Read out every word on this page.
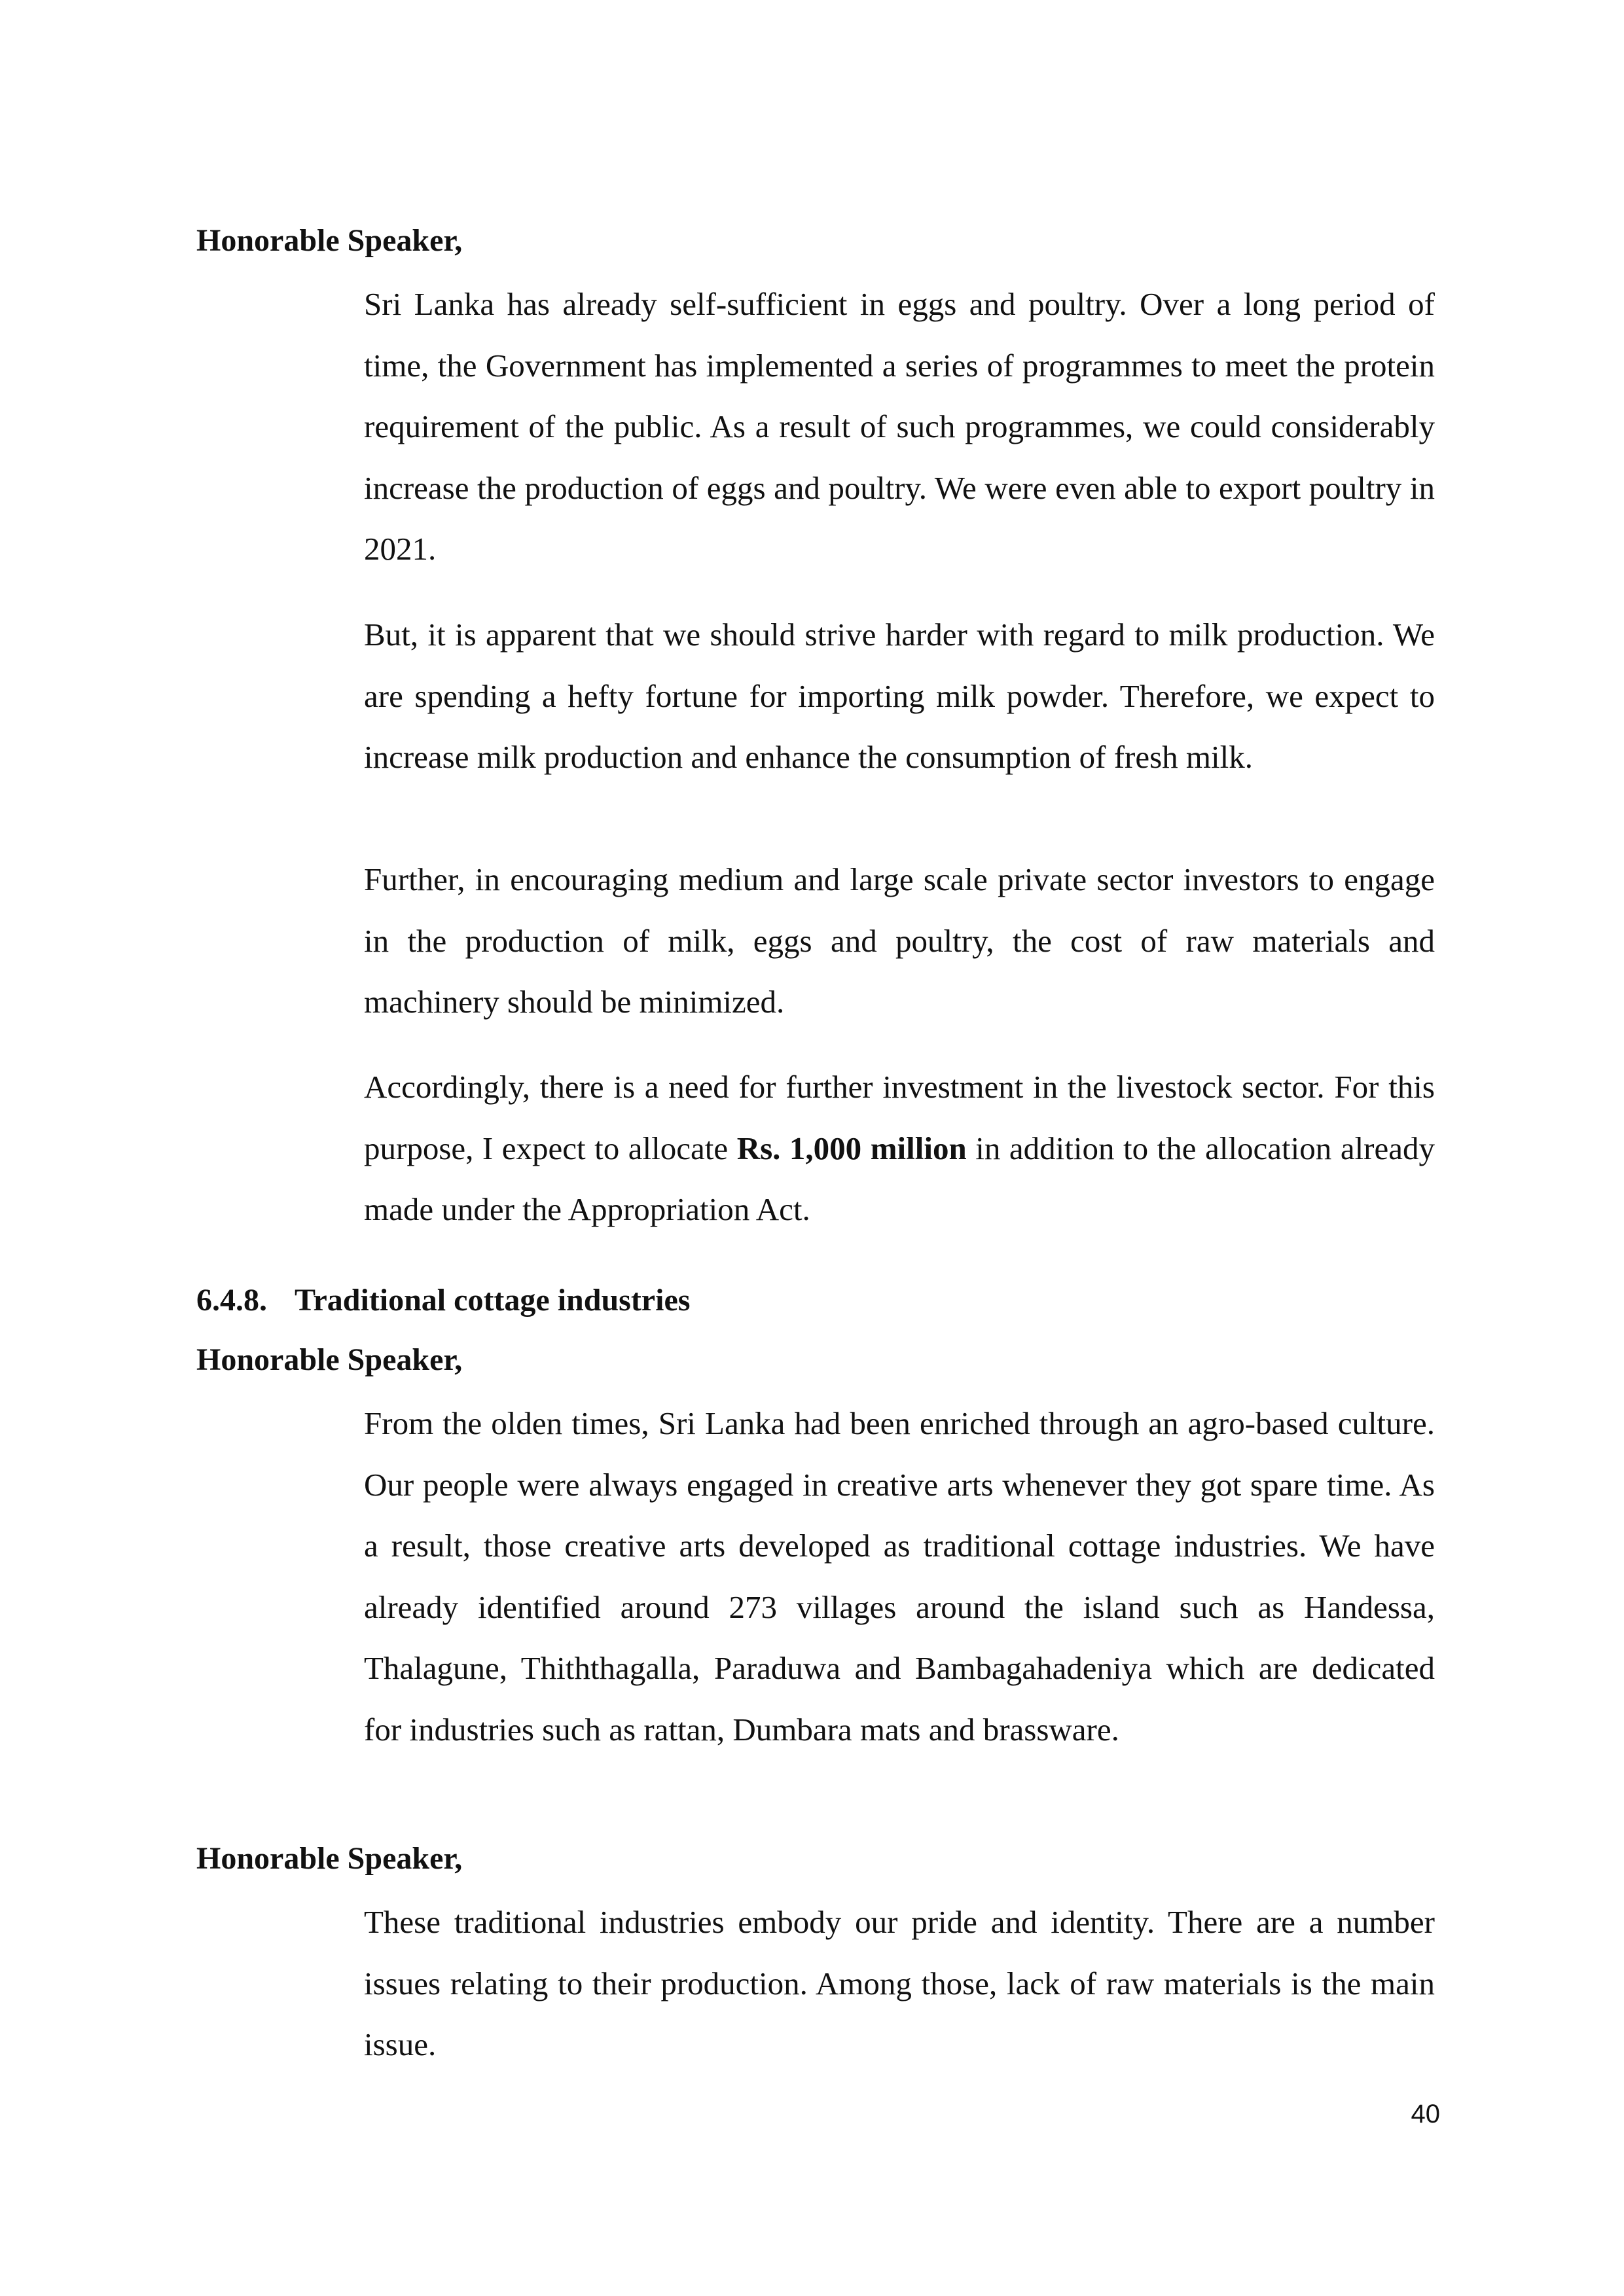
Honorable Speaker,

Sri Lanka has already self-sufficient in eggs and poultry. Over a long period of time, the Government has implemented a series of programmes to meet the protein requirement of the public. As a result of such programmes, we could considerably increase the production of eggs and poultry. We were even able to export poultry in 2021.

But, it is apparent that we should strive harder with regard to milk production. We are spending a hefty fortune for importing milk powder. Therefore, we expect to increase milk production and enhance the consumption of fresh milk.

Further, in encouraging medium and large scale private sector investors to engage in the production of milk, eggs and poultry, the cost of raw materials and machinery should be minimized.

Accordingly, there is a need for further investment in the livestock sector. For this purpose, I expect to allocate Rs. 1,000 million in addition to the allocation already made under the Appropriation Act.

6.4.8. Traditional cottage industries
Honorable Speaker,

From the olden times, Sri Lanka had been enriched through an agro-based culture. Our people were always engaged in creative arts whenever they got spare time. As a result, those creative arts developed as traditional cottage industries. We have already identified around 273 villages around the island such as Handessa, Thalagune, Thiththagalla, Paraduwa and Bambagahadeniya which are dedicated for industries such as rattan, Dumbara mats and brassware.

Honorable Speaker,

These traditional industries embody our pride and identity. There are a number issues relating to their production. Among those, lack of raw materials is the main issue.

40
